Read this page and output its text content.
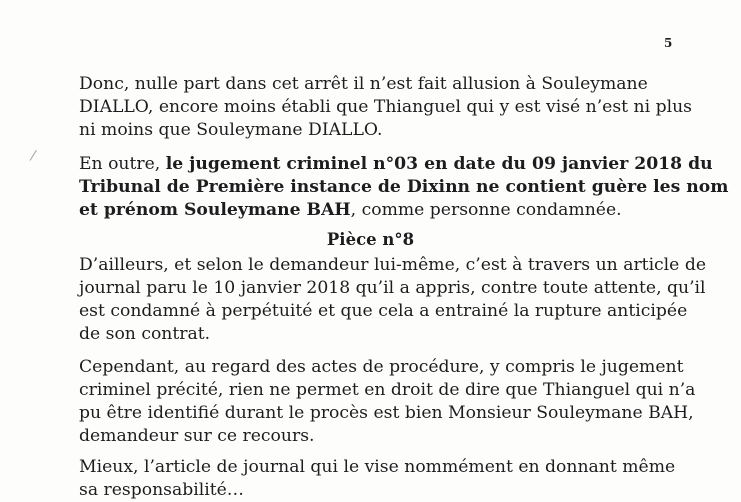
5

Donc, nulle part dans cet arrêt il n’est fait allusion à Souleymane
DIALLO, encore moins établi que Thianguel qui y est visé n’est ni plus
ni moins que Souleymane DIALLO.

En outre, le jugement criminel n°03 en date du 09 janvier 2018 du
Tribunal de Première instance de Dixinn ne contient guère les nom
et prénom Souleymane BAH, comme personne condamnée.

Pièce n°8

D’ailleurs, et selon le demandeur lui-même, c’est à travers un article de
journal paru le 10 janvier 2018 qu’il a appris, contre toute attente, qu’il
est condamné à perpétuité et que cela a entrainé la rupture anticipée
de son contrat.

Cependant, au regard des actes de procédure, y compris le jugement
criminel précité, rien ne permet en droit de dire que Thianguel qui n’a
pu être identifié durant le procès est bien Monsieur Souleymane BAH,
demandeur sur ce recours.

Mieux, l’article de journal qui le vise nommément en donnant même
sa responsabilité…
